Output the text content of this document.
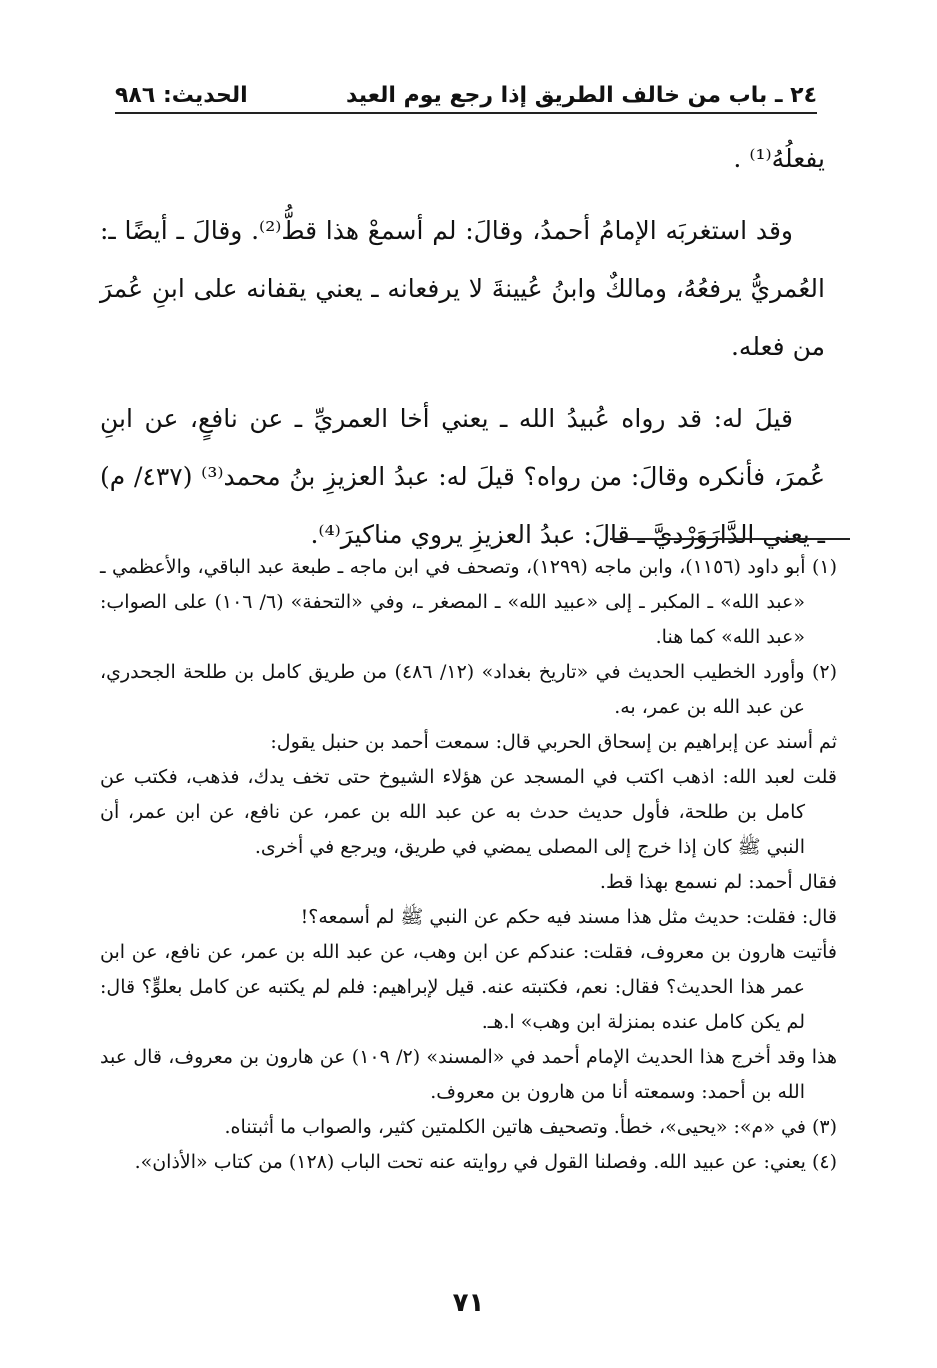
٢٤ ـ باب من خالف الطريق إذا رجع يوم العيد
الحديث: ٩٨٦

يفعلُهُ⁽¹⁾ .

وقد استغربَه الإمامُ أحمدُ، وقالَ: لم أسمعْ هذا قطُّ⁽²⁾. وقالَ ـ أيضًا ـ: العُمريُّ يرفعُهُ، ومالكٌ وابنُ عُيينةَ لا يرفعانه ـ يعني يقفانه على ابنِ عُمرَ من فعله.

قيلَ له: قد رواه عُبيدُ الله ـ يعني أخا العمريِّ ـ عن نافعٍ، عن ابنِ عُمرَ، فأنكره وقالَ: من رواه؟ قيلَ له: عبدُ العزيزِ بنُ محمد⁽³⁾ (٤٣٧/ م) ـ يعني الدَّارَوَرْديَّ ـ قالَ: عبدُ العزيزِ يروي مناكيرَ⁽⁴⁾.

(١) أبو داود (١١٥٦)، وابن ماجه (١٢٩٩)، وتصحف في ابن ماجه ـ طبعة عبد الباقي، والأعظمي ـ «عبد الله» ـ المكبر ـ إلى «عبيد الله» ـ المصغر ـ، وفي «التحفة» (٦/ ١٠٦) على الصواب: «عبد الله» كما هنا.

(٢) وأورد الخطيب الحديث في «تاريخ بغداد» (١٢/ ٤٨٦) من طريق كامل بن طلحة الجحدري، عن عبد الله بن عمر، به.

ثم أسند عن إبراهيم بن إسحاق الحربي قال: سمعت أحمد بن حنبل يقول:

قلت لعبد الله: اذهب اكتب في المسجد عن هؤلاء الشيوخ حتى تخف يدك، فذهب، فكتب عن كامل بن طلحة، فأول حديث حدث به عن عبد الله بن عمر، عن نافع، عن ابن عمر، أن النبي ﷺ كان إذا خرج إلى المصلى يمضي في طريق، ويرجع في أخرى.

فقال أحمد: لم نسمع بهذا قط.

قال: فقلت: حديث مثل هذا مسند فيه حكم عن النبي ﷺ لم أسمعه؟!

فأتيت هارون بن معروف، فقلت: عندكم عن ابن وهب، عن عبد الله بن عمر، عن نافع، عن ابن عمر هذا الحديث؟ فقال: نعم، فكتبته عنه. قيل لإبراهيم: فلم لم يكتبه عن كامل بعلوٍّ؟ قال: لم يكن كامل عنده بمنزلة ابن وهب» ا.هـ.

هذا وقد أخرج هذا الحديث الإمام أحمد في «المسند» (٢/ ١٠٩) عن هارون بن معروف، قال عبد الله بن أحمد: وسمعته أنا من هارون بن معروف.

(٣) في «م»: «يحيى»، خطأ. وتصحيف هاتين الكلمتين كثير، والصواب ما أثبتناه.

(٤) يعني: عن عبيد الله. وفصلنا القول في روايته عنه تحت الباب (١٢٨) من كتاب «الأذان».

٧١
